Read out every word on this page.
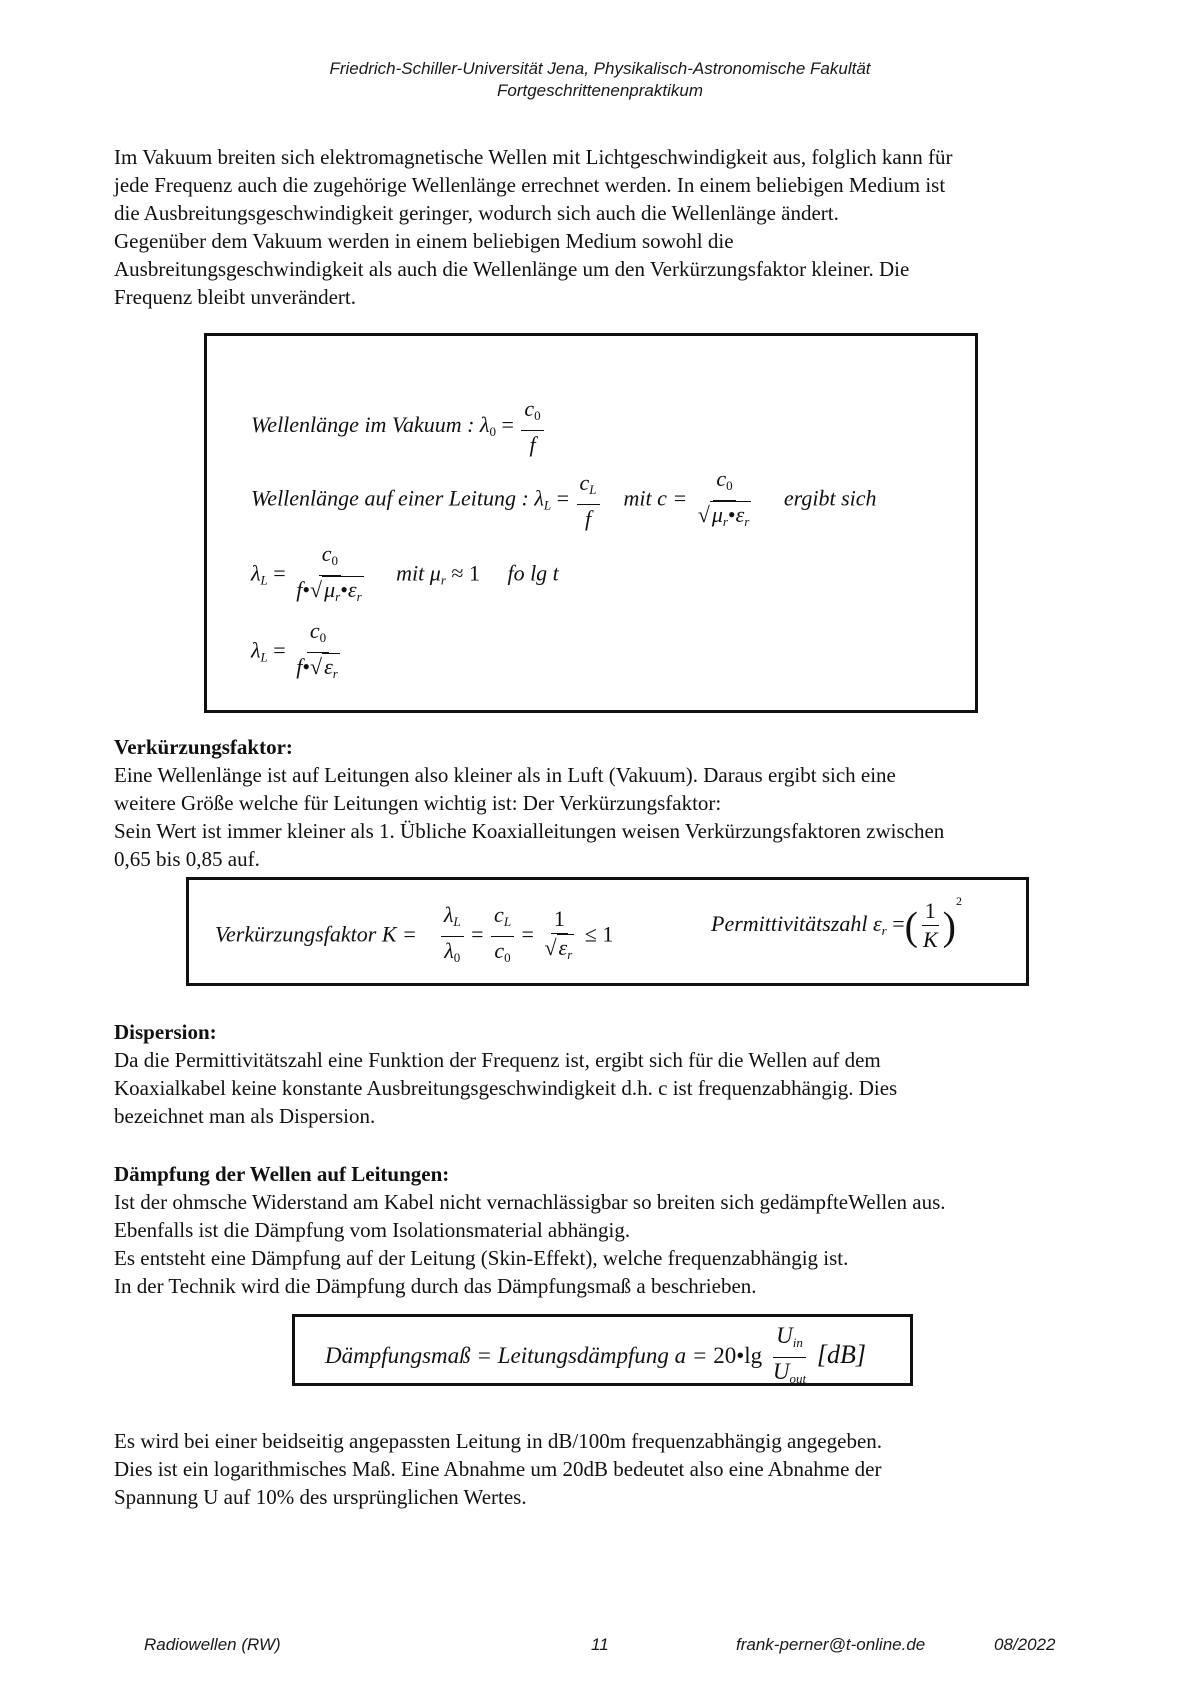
Friedrich-Schiller-Universität Jena, Physikalisch-Astronomische Fakultät
Fortgeschrittenenpraktikum
Im Vakuum breiten sich elektromagnetische Wellen mit Lichtgeschwindigkeit aus, folglich kann für
jede Frequenz auch die zugehörige Wellenlänge errechnet werden. In einem beliebigen Medium ist
die Ausbreitungsgeschwindigkeit geringer, wodurch sich auch die Wellenlänge ändert.
Gegenüber dem Vakuum werden in einem beliebigen Medium sowohl die
Ausbreitungsgeschwindigkeit als auch die Wellenlänge um den Verkürzungsfaktor kleiner. Die
Frequenz bleibt unverändert.
Wellenlänge im Vakuum : $\lambda_0 = \frac{c_0}{f}$
Wellenlänge auf einer Leitung : $\lambda_L = \frac{c_L}{f}$ mit $c = \frac{c_0}{√\mu_r•\varepsilon_r}$ ergibt sich
$\lambda_L = \frac{c_0}{f•√\mu_r•\varepsilon_r}$ mit $\mu_r \approx 1$ fo lg t
$\lambda_L = \frac{c_0}{f•√\varepsilon_r}$
Verkürzungsfaktor:
Eine Wellenlänge ist auf Leitungen also kleiner als in Luft (Vakuum). Daraus ergibt sich eine
weitere Größe welche für Leitungen wichtig ist: Der Verkürzungsfaktor:
Sein Wert ist immer kleiner als 1. Übliche Koaxialleitungen weisen Verkürzungsfaktoren zwischen
0,65 bis 0,85 auf.
Verkürzungsfaktor $K = \frac{\lambda_L}{\lambda_0} = \frac{c_L}{c_0} = \frac{1}{√\varepsilon_r} \le 1$	Permittivitätszahl $\varepsilon_r$ =( $\frac{1}{K} )^2$
Dispersion:
Da die Permittivitätszahl eine Funktion der Frequenz ist, ergibt sich für die Wellen auf dem
Koaxialkabel keine konstante Ausbreitungsgeschwindigkeit d.h. c ist frequenzabhängig. Dies
bezeichnet man als Dispersion.
Dämpfung der Wellen auf Leitungen:
Ist der ohmsche Widerstand am Kabel nicht vernachlässigbar so breiten sich gedämpfteWellen aus.
Ebenfalls ist die Dämpfung vom Isolationsmaterial abhängig.
Es entsteht eine Dämpfung auf der Leitung (Skin-Effekt), welche frequenzabhängig ist.
In der Technik wird die Dämpfung durch das Dämpfungsmaß a beschrieben.
Dämpfungsmaß = Leitungsdämpfung a = 20•lg $\frac{U_{in}}{U_{out}} [dB]$
Es wird bei einer beidseitig angepassten Leitung in dB/100m frequenzabhängig angegeben.
Dies ist ein logarithmisches Maß. Eine Abnahme um 20dB bedeutet also eine Abnahme der
Spannung U auf 10% des ursprünglichen Wertes.
Radiowellen (RW)	11	frank-perner@t-online.de	08/2022
